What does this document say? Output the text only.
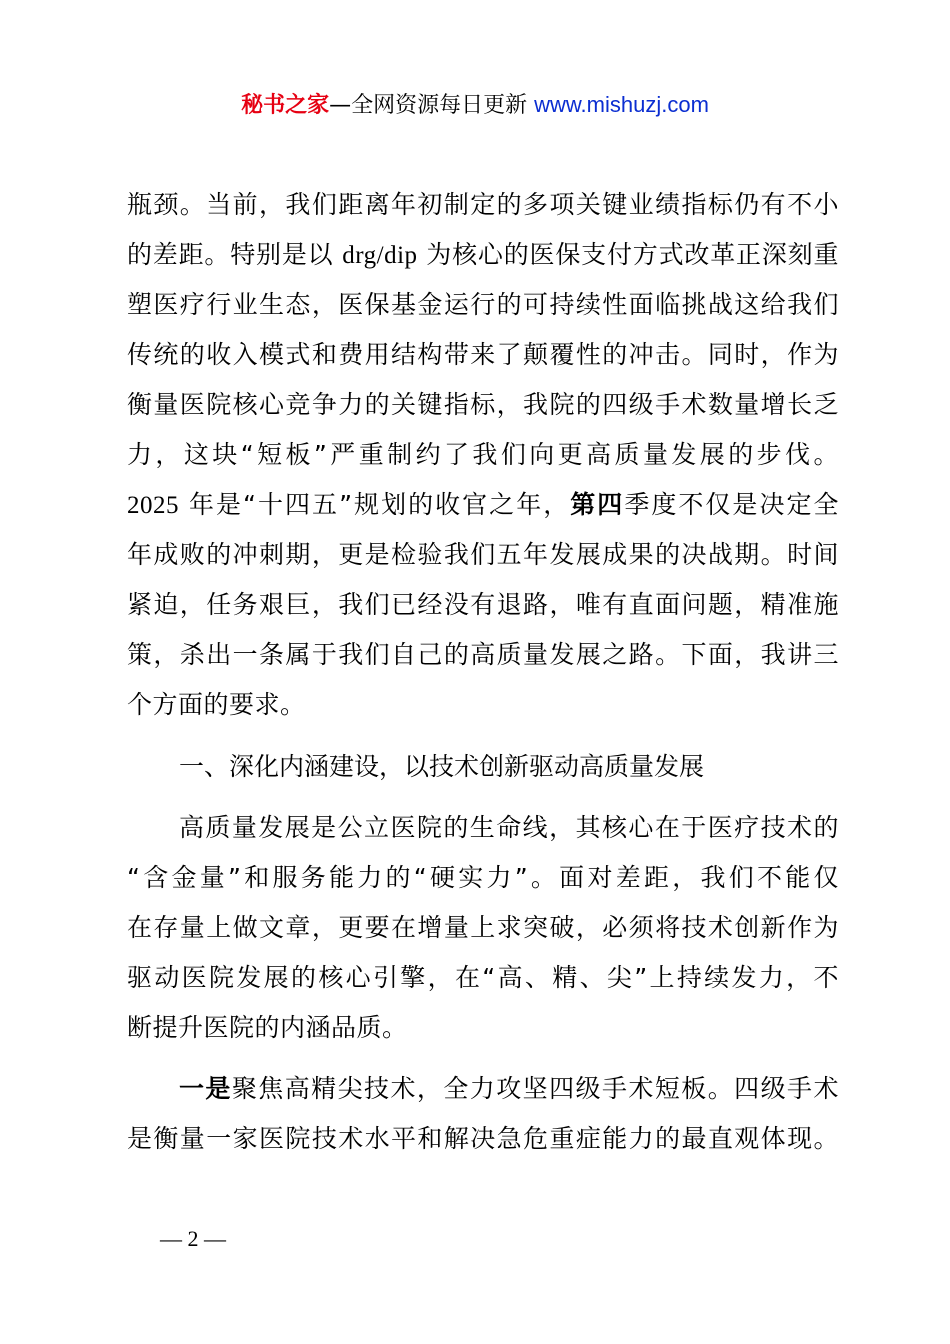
秘书之家—全网资源每日更新 www.mishuzj.com
瓶颈。当前，我们距离年初制定的多项关键业绩指标仍有不小
的差距。特别是以 drg/dip 为核心的医保支付方式改革正深刻重
塑医疗行业生态，医保基金运行的可持续性面临挑战这给我们
传统的收入模式和费用结构带来了颠覆性的冲击。同时，作为
衡量医院核心竞争力的关键指标，我院的四级手术数量增长乏
力，这块“短板”严重制约了我们向更高质量发展的步伐。
2025 年是“十四五”规划的收官之年，第四季度不仅是决定全
年成败的冲刺期，更是检验我们五年发展成果的决战期。时间
紧迫，任务艰巨，我们已经没有退路，唯有直面问题，精准施
策，杀出一条属于我们自己的高质量发展之路。下面，我讲三
个方面的要求。
一、深化内涵建设，以技术创新驱动高质量发展
高质量发展是公立医院的生命线，其核心在于医疗技术的
“含金量”和服务能力的“硬实力”。面对差距，我们不能仅
在存量上做文章，更要在增量上求突破，必须将技术创新作为
驱动医院发展的核心引擎，在“高、精、尖”上持续发力，不
断提升医院的内涵品质。
一是聚焦高精尖技术，全力攻坚四级手术短板。四级手术
是衡量一家医院技术水平和解决急危重症能力的最直观体现。
— 2 —
